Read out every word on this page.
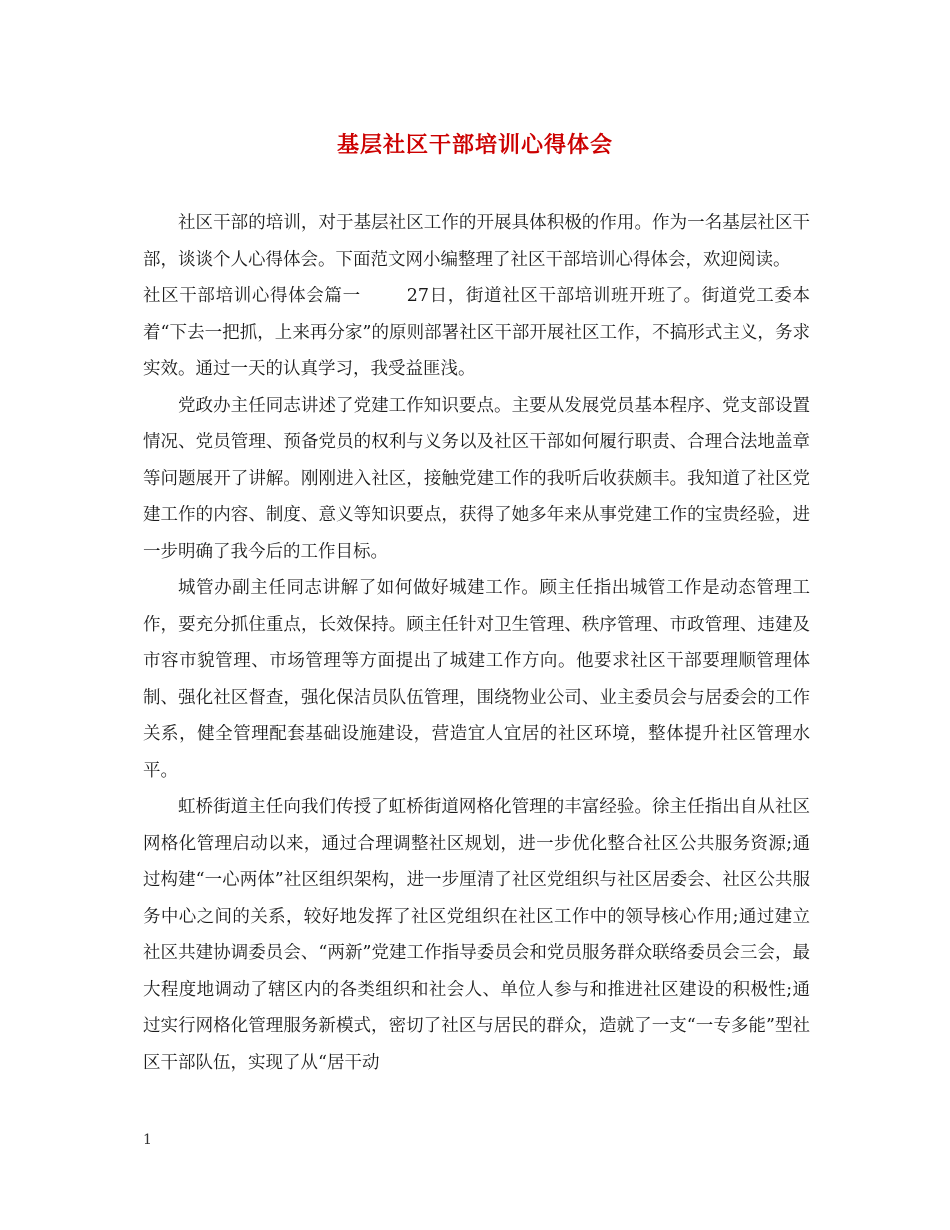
基层社区干部培训心得体会

社区干部的培训，对于基层社区工作的开展具体积极的作用。作为一名基层社区干部，谈谈个人心得体会。下面范文网小编整理了社区干部培训心得体会，欢迎阅读。

社区干部培训心得体会篇一	27日，街道社区干部培训班开班了。街道党工委本着“下去一把抓，上来再分家”的原则部署社区干部开展社区工作，不搞形式主义，务求实效。通过一天的认真学习，我受益匪浅。

党政办主任同志讲述了党建工作知识要点。主要从发展党员基本程序、党支部设置情况、党员管理、预备党员的权利与义务以及社区干部如何履行职责、合理合法地盖章等问题展开了讲解。刚刚进入社区，接触党建工作的我听后收获颇丰。我知道了社区党建工作的内容、制度、意义等知识要点，获得了她多年来从事党建工作的宝贵经验，进一步明确了我今后的工作目标。

城管办副主任同志讲解了如何做好城建工作。顾主任指出城管工作是动态管理工作，要充分抓住重点，长效保持。顾主任针对卫生管理、秩序管理、市政管理、违建及市容市貌管理、市场管理等方面提出了城建工作方向。他要求社区干部要理顺管理体制、强化社区督查，强化保洁员队伍管理，围绕物业公司、业主委员会与居委会的工作关系，健全管理配套基础设施建设，营造宜人宜居的社区环境，整体提升社区管理水平。

虹桥街道主任向我们传授了虹桥街道网格化管理的丰富经验。徐主任指出自从社区网格化管理启动以来，通过合理调整社区规划，进一步优化整合社区公共服务资源;通过构建“一心两体”社区组织架构，进一步厘清了社区党组织与社区居委会、社区公共服务中心之间的关系，较好地发挥了社区党组织在社区工作中的领导核心作用;通过建立社区共建协调委员会、“两新”党建工作指导委员会和党员服务群众联络委员会三会，最大程度地调动了辖区内的各类组织和社会人、单位人参与和推进社区建设的积极性;通过实行网格化管理服务新模式，密切了社区与居民的群众，造就了一支“一专多能”型社区干部队伍，实现了从“居干动

1
